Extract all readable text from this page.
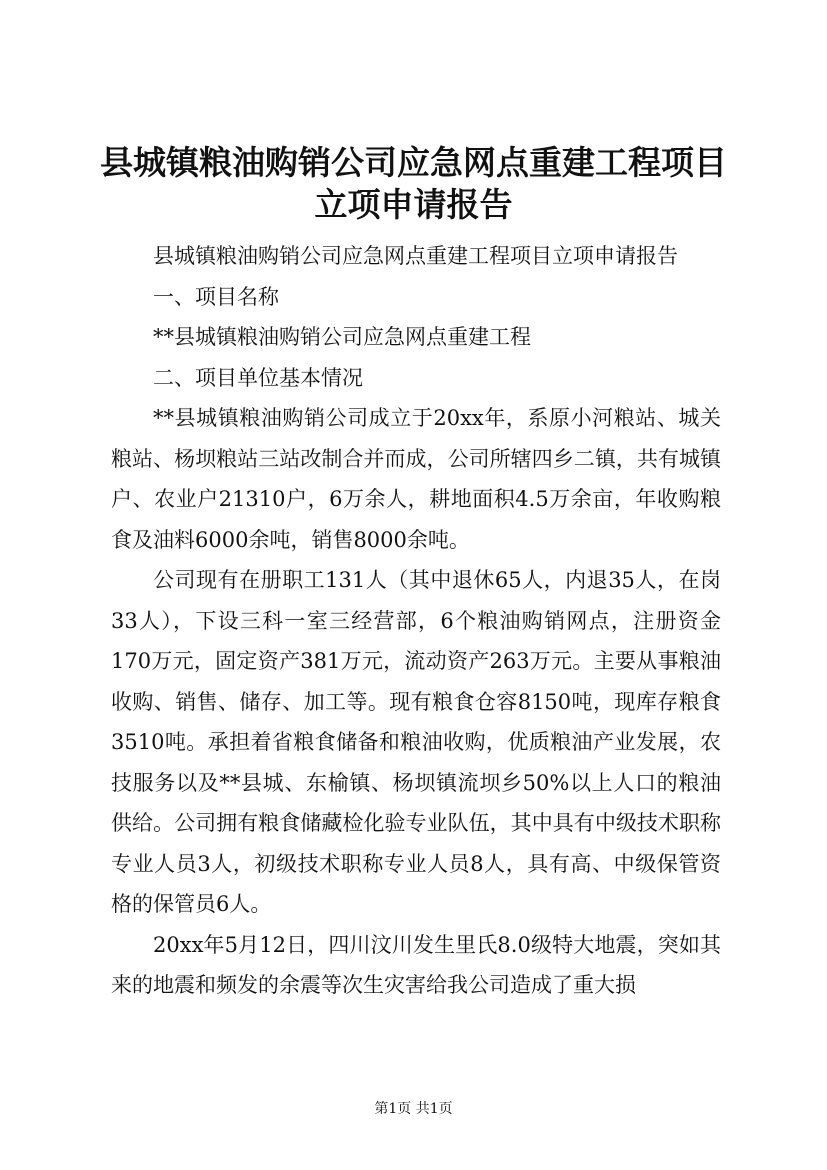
县城镇粮油购销公司应急网点重建工程项目立项申请报告

县城镇粮油购销公司应急网点重建工程项目立项申请报告

一、项目名称

**县城镇粮油购销公司应急网点重建工程

二、项目单位基本情况

**县城镇粮油购销公司成立于20xx年，系原小河粮站、城关粮站、杨坝粮站三站改制合并而成，公司所辖四乡二镇，共有城镇户、农业户21310户，6万余人，耕地面积4.5万余亩，年收购粮食及油料6000余吨，销售8000余吨。

公司现有在册职工131人（其中退休65人，内退35人，在岗33人），下设三科一室三经营部，6个粮油购销网点，注册资金170万元，固定资产381万元，流动资产263万元。主要从事粮油收购、销售、储存、加工等。现有粮食仓容8150吨，现库存粮食3510吨。承担着省粮食储备和粮油收购，优质粮油产业发展，农技服务以及**县城、东榆镇、杨坝镇流坝乡50%以上人口的粮油供给。公司拥有粮食储藏检化验专业队伍，其中具有中级技术职称专业人员3人，初级技术职称专业人员8人，具有高、中级保管资格的保管员6人。

20xx年5月12日，四川汶川发生里氏8.0级特大地震，突如其来的地震和频发的余震等次生灾害给我公司造成了重大损

第1页 共1页
